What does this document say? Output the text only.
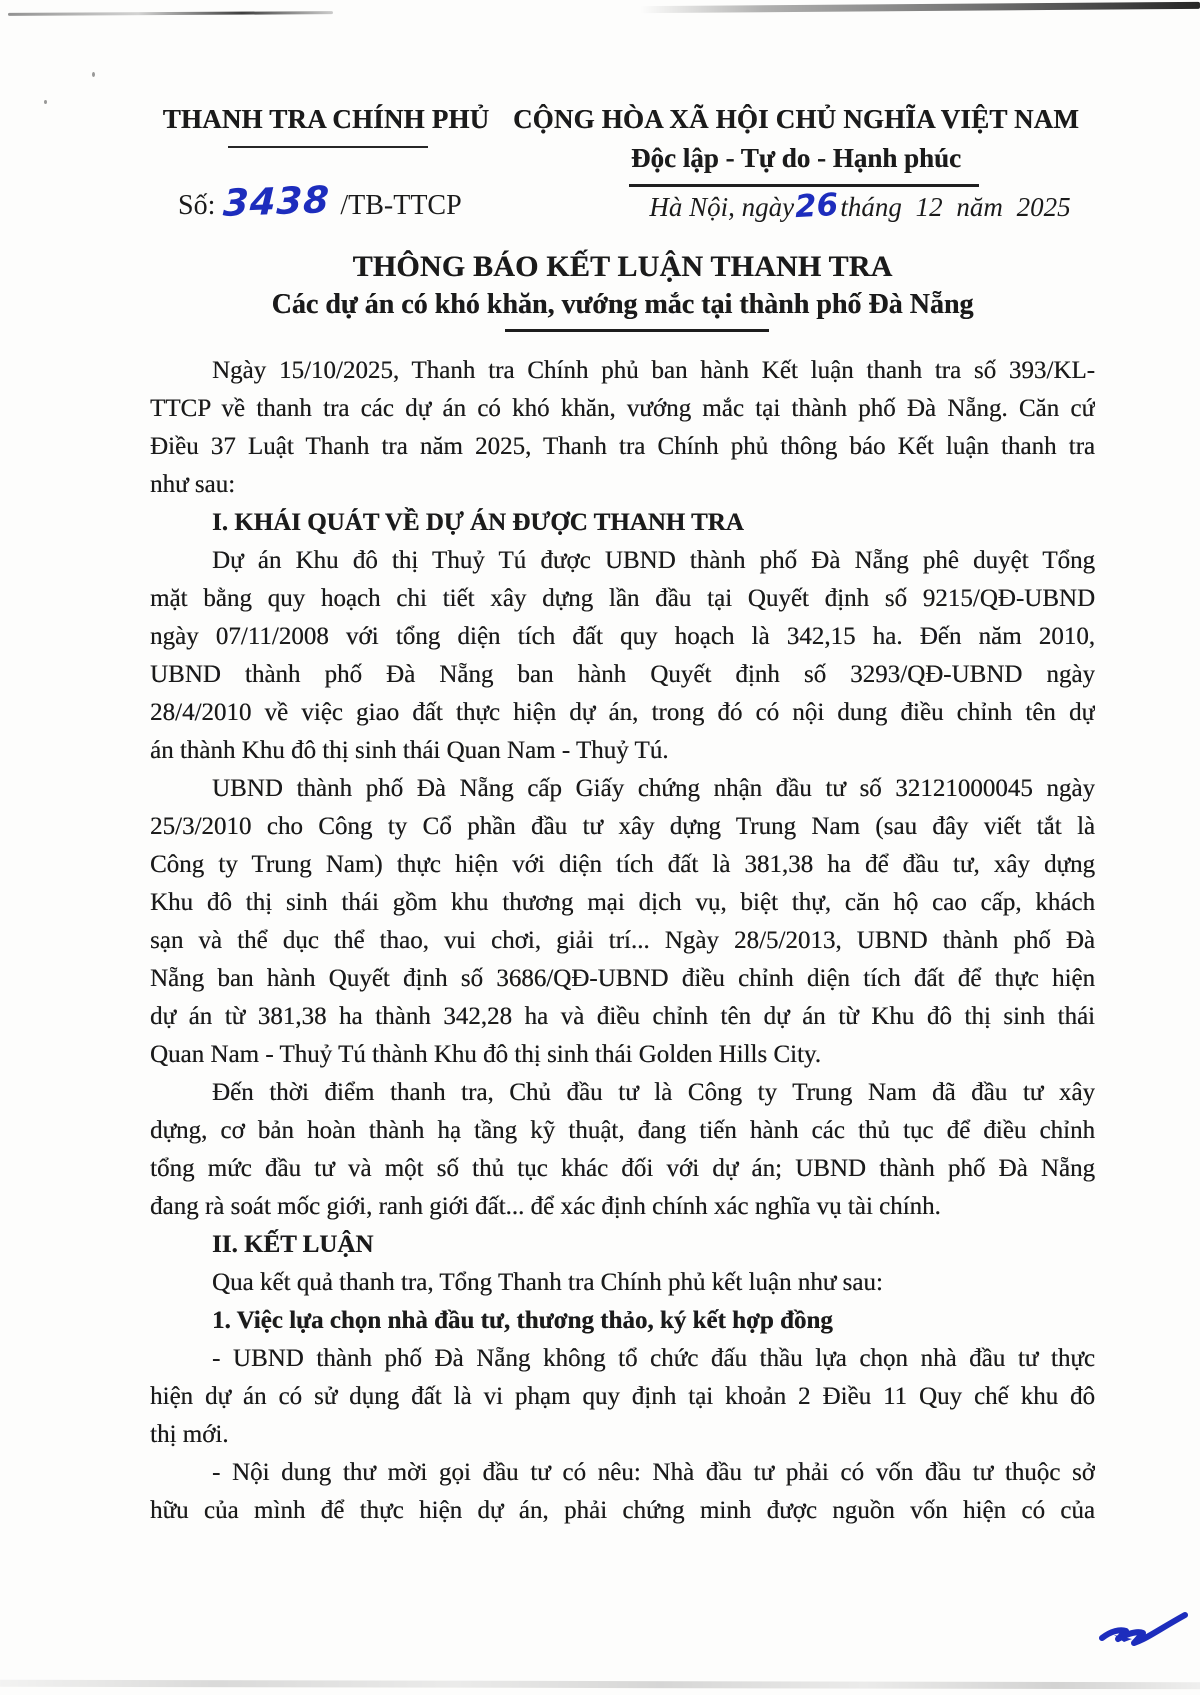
THANH TRA CHÍNH PHỦ CỘNG HÒA XÃ HỘI CHỦ NGHĨA VIỆT NAM
Độc lập - Tự do - Hạnh phúc
Số: 3438 /TB-TTCP	Hà Nội, ngày26tháng 12 năm 2025
THÔNG BÁO KẾT LUẬN THANH TRA
Các dự án có khó khăn, vướng mắc tại thành phố Đà Nẵng
Ngày 15/10/2025, Thanh tra Chính phủ ban hành Kết luận thanh tra số 393/KL-
TTCP về thanh tra các dự án có khó khăn, vướng mắc tại thành phố Đà Nẵng. Căn cứ
Điều 37 Luật Thanh tra năm 2025, Thanh tra Chính phủ thông báo Kết luận thanh tra
như sau:
I. KHÁI QUÁT VỀ DỰ ÁN ĐƯỢC THANH TRA
Dự án Khu đô thị Thuỷ Tú được UBND thành phố Đà Nẵng phê duyệt Tổng
mặt bằng quy hoạch chi tiết xây dựng lần đầu tại Quyết định số 9215/QĐ-UBND
ngày 07/11/2008 với tổng diện tích đất quy hoạch là 342,15 ha. Đến năm 2010,
UBND thành phố Đà Nẵng ban hành Quyết định số 3293/QĐ-UBND ngày
28/4/2010 về việc giao đất thực hiện dự án, trong đó có nội dung điều chỉnh tên dự
án thành Khu đô thị sinh thái Quan Nam - Thuỷ Tú.
UBND thành phố Đà Nẵng cấp Giấy chứng nhận đầu tư số 32121000045 ngày
25/3/2010 cho Công ty Cổ phần đầu tư xây dựng Trung Nam (sau đây viết tắt là
Công ty Trung Nam) thực hiện với diện tích đất là 381,38 ha để đầu tư, xây dựng
Khu đô thị sinh thái gồm khu thương mại dịch vụ, biệt thự, căn hộ cao cấp, khách
sạn và thể dục thể thao, vui chơi, giải trí... Ngày 28/5/2013, UBND thành phố Đà
Nẵng ban hành Quyết định số 3686/QĐ-UBND điều chỉnh diện tích đất để thực hiện
dự án từ 381,38 ha thành 342,28 ha và điều chỉnh tên dự án từ Khu đô thị sinh thái
Quan Nam - Thuỷ Tú thành Khu đô thị sinh thái Golden Hills City.
Đến thời điểm thanh tra, Chủ đầu tư là Công ty Trung Nam đã đầu tư xây
dựng, cơ bản hoàn thành hạ tầng kỹ thuật, đang tiến hành các thủ tục để điều chỉnh
tổng mức đầu tư và một số thủ tục khác đối với dự án; UBND thành phố Đà Nẵng
đang rà soát mốc giới, ranh giới đất... để xác định chính xác nghĩa vụ tài chính.
II. KẾT LUẬN
Qua kết quả thanh tra, Tổng Thanh tra Chính phủ kết luận như sau:
1. Việc lựa chọn nhà đầu tư, thương thảo, ký kết hợp đồng
- UBND thành phố Đà Nẵng không tổ chức đấu thầu lựa chọn nhà đầu tư thực
hiện dự án có sử dụng đất là vi phạm quy định tại khoản 2 Điều 11 Quy chế khu đô
thị mới.
- Nội dung thư mời gọi đầu tư có nêu: Nhà đầu tư phải có vốn đầu tư thuộc sở
hữu của mình để thực hiện dự án, phải chứng minh được nguồn vốn hiện có của
